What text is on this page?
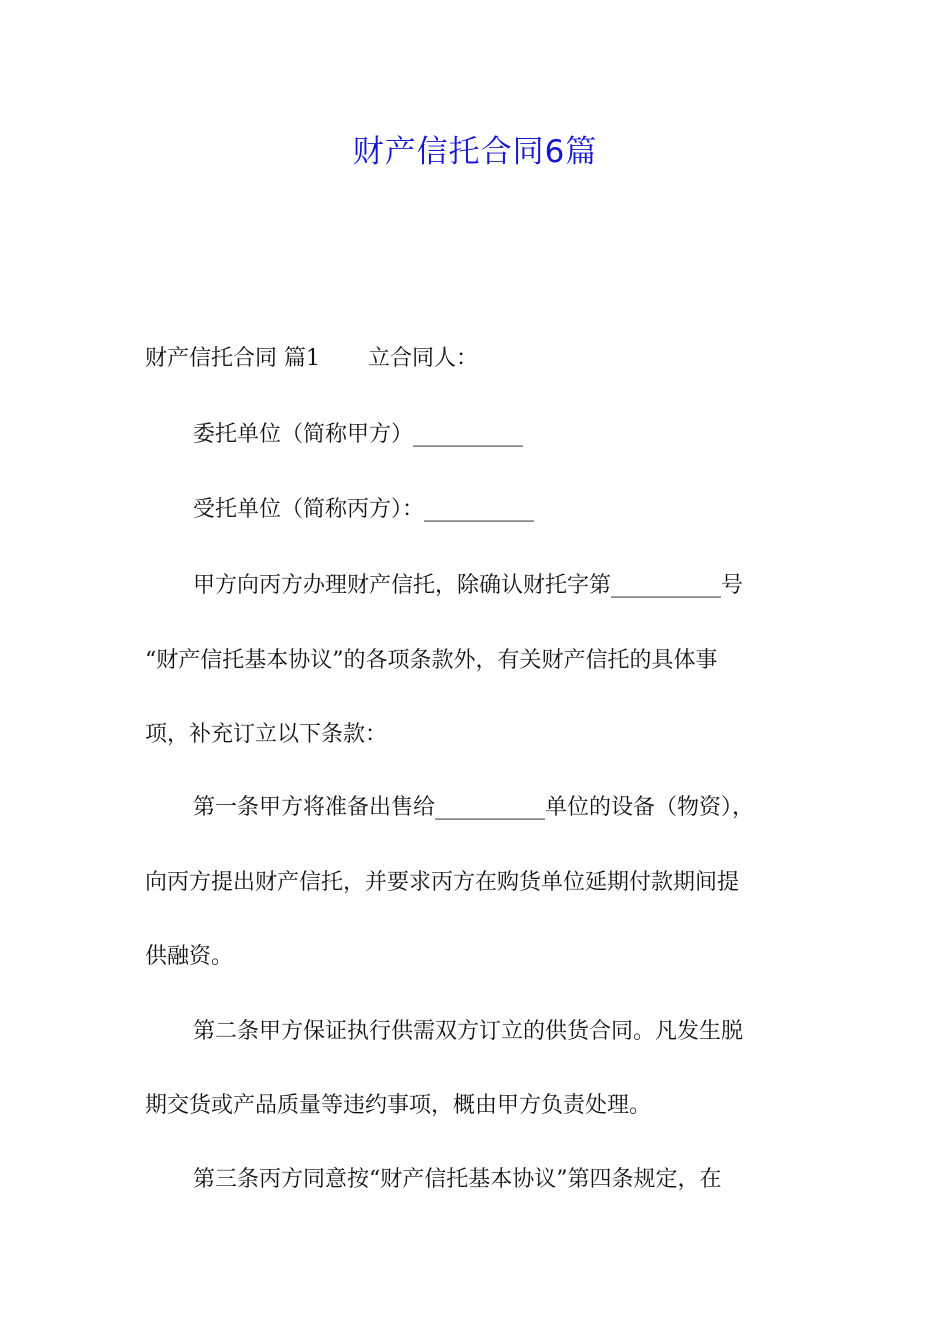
财产信托合同6篇
财产信托合同 篇1 立合同人：
委托单位（简称甲方）__________
受托单位（简称丙方）：__________
甲方向丙方办理财产信托，除确认财托字第__________号
“财产信托基本协议”的各项条款外，有关财产信托的具体事
项，补充订立以下条款：
第一条甲方将准备出售给__________单位的设备（物资），
向丙方提出财产信托，并要求丙方在购货单位延期付款期间提
供融资。
第二条甲方保证执行供需双方订立的供货合同。凡发生脱
期交货或产品质量等违约事项，概由甲方负责处理。
第三条丙方同意按“财产信托基本协议”第四条规定，在
